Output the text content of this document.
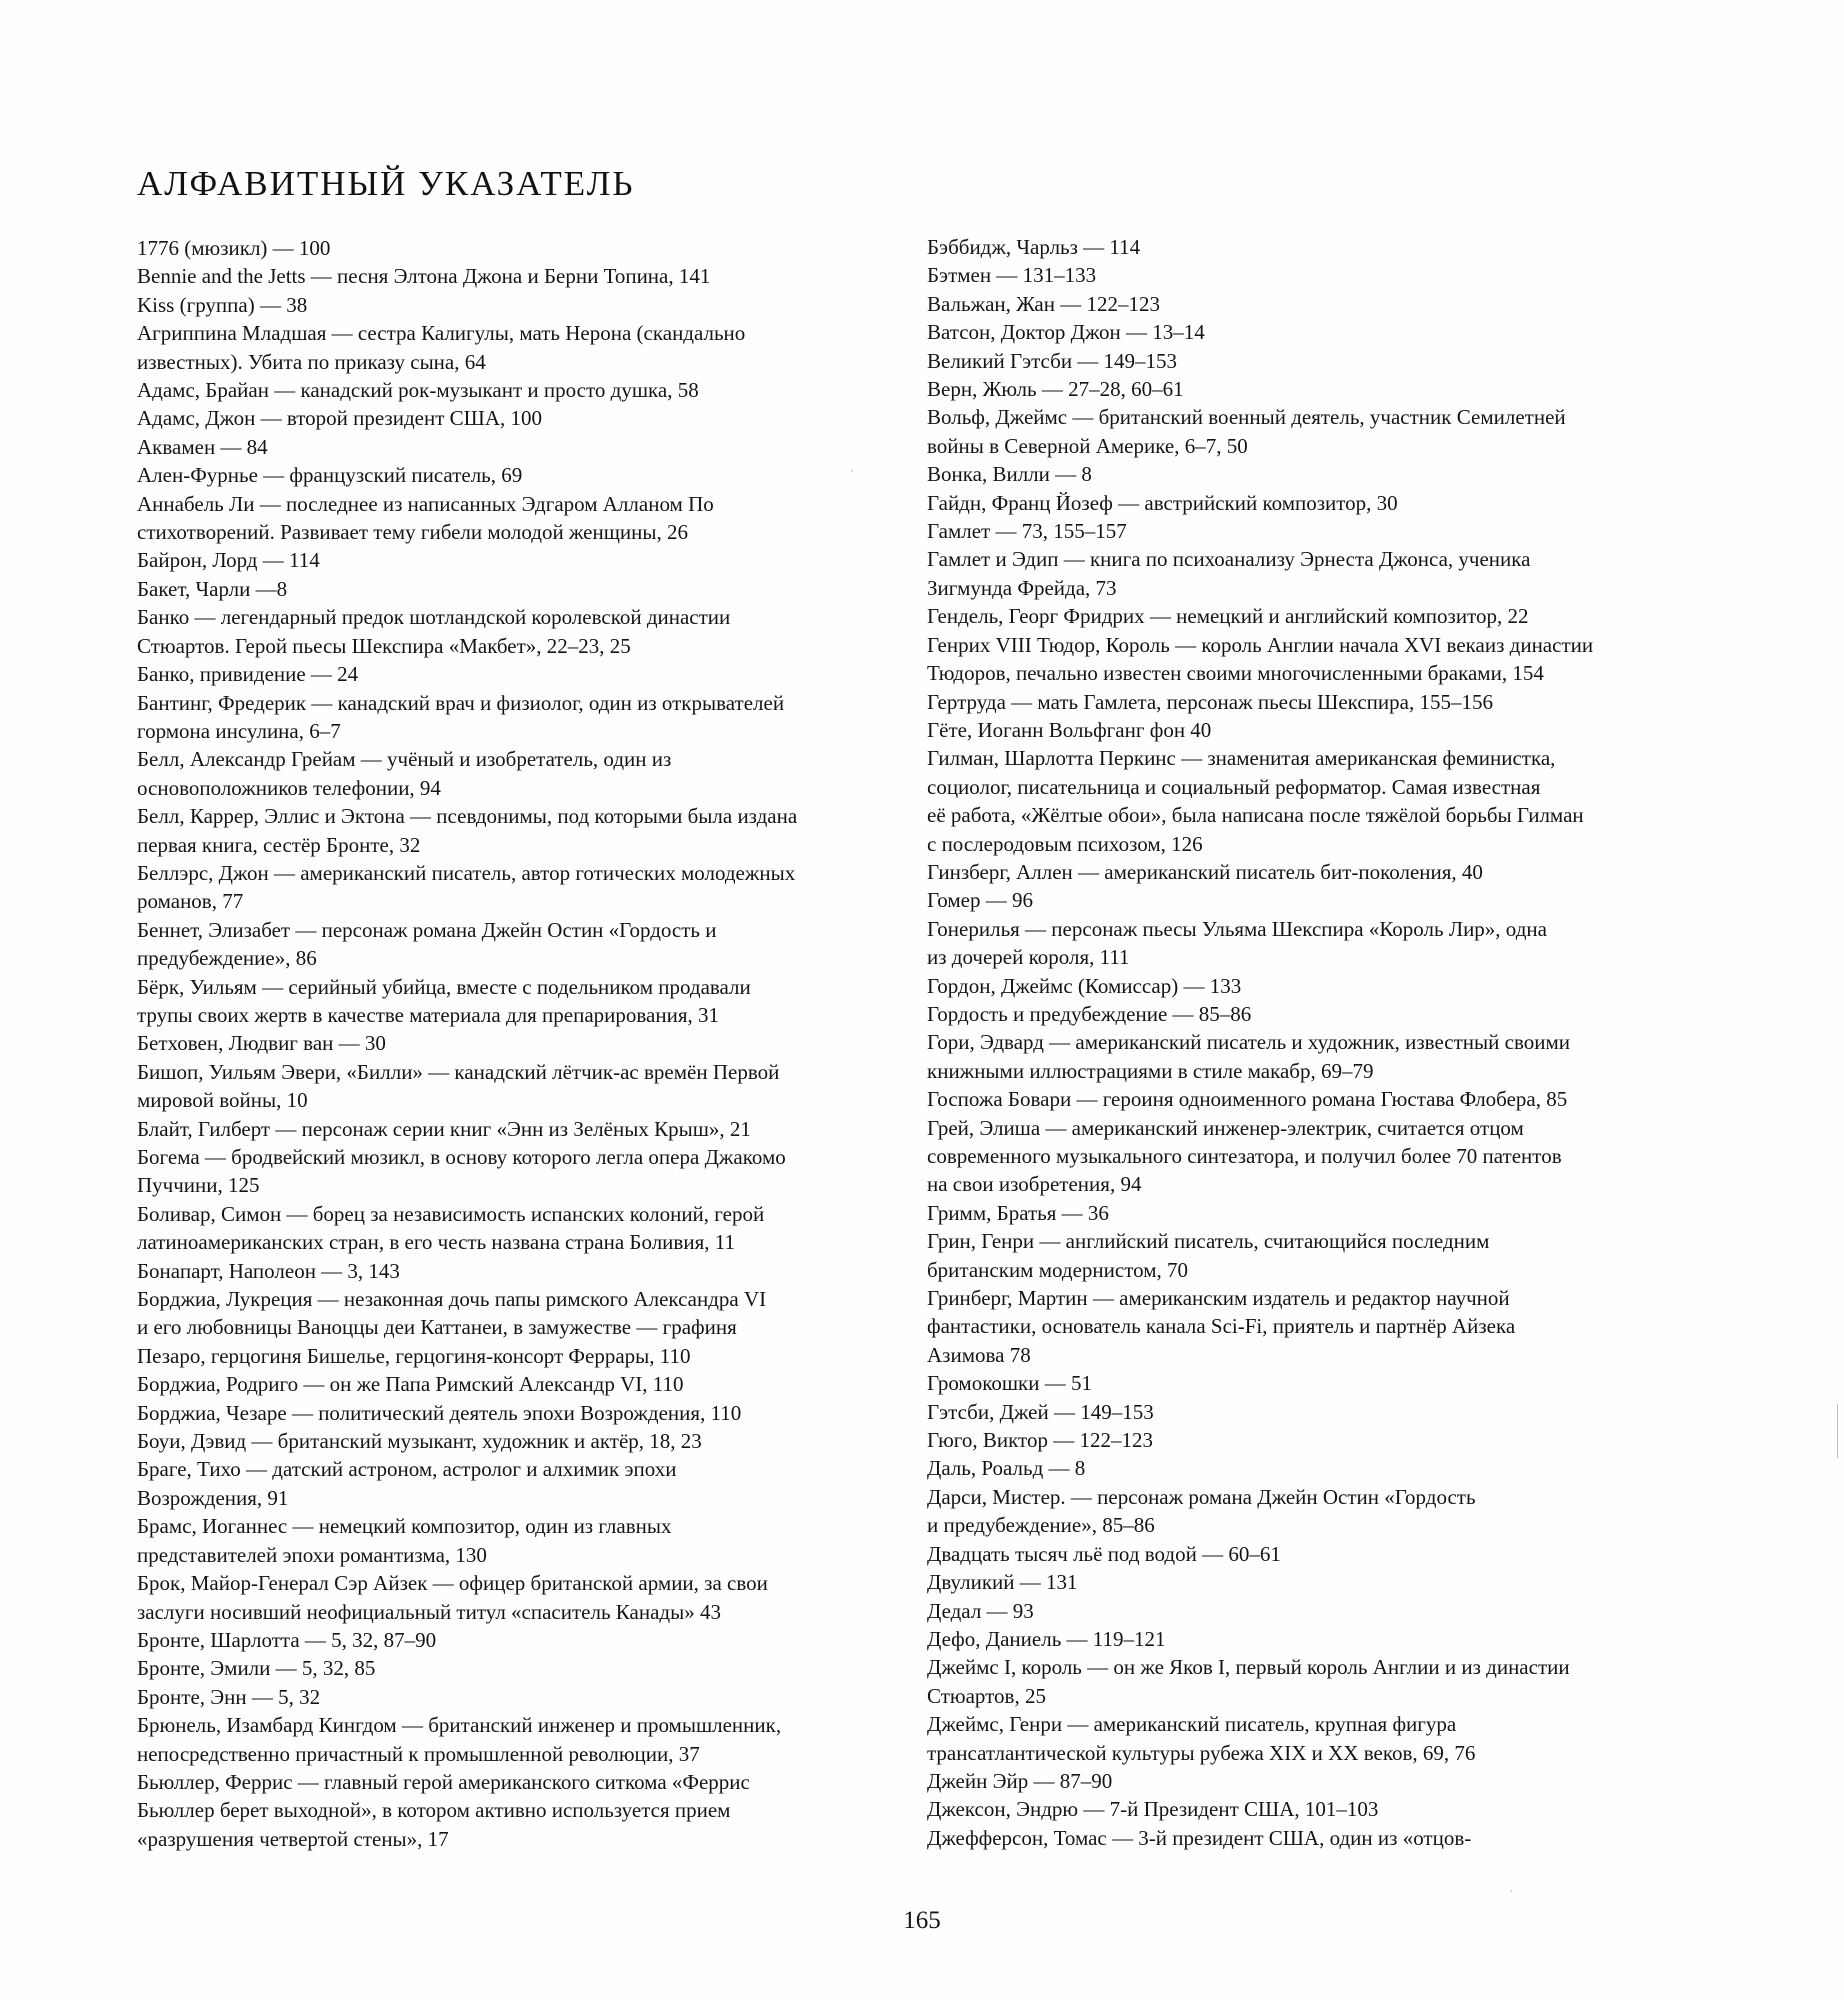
АЛФАВИТНЫЙ УКАЗАТЕЛЬ
1776 (мюзикл) — 100
Bennie and the Jetts — песня Элтона Джона и Берни Топина, 141
Kiss (группа) — 38
Агриппина Младшая — сестра Калигулы, мать Нерона (скандально
известных). Убита по приказу сына, 64
Адамс, Брайан — канадский рок-музыкант и просто душка, 58
Адамс, Джон — второй президент США, 100
Аквамен — 84
Ален-Фурнье — французский писатель, 69
Аннабель Ли — последнее из написанных Эдгаром Алланом По
стихотворений. Развивает тему гибели молодой женщины, 26
Байрон, Лорд — 114
Бакет, Чарли —8
Банко — легендарный предок шотландской королевской династии
Стюартов. Герой пьесы Шекспира «Макбет», 22–23, 25
Банко, привидение — 24
Бантинг, Фредерик — канадский врач и физиолог, один из открывателей
гормона инсулина, 6–7
Белл, Александр Грейам — учёный и изобретатель, один из
основоположников телефонии, 94
Белл, Каррер, Эллис и Эктона — псевдонимы, под которыми была издана
первая книга, сестёр Бронте, 32
Беллэрс, Джон — американский писатель, автор готических молодежных
романов, 77
Беннет, Элизабет — персонаж романа Джейн Остин «Гордость и
предубеждение», 86
Бёрк, Уильям — серийный убийца, вместе с подельником продавали
трупы своих жертв в качестве материала для препарирования, 31
Бетховен, Людвиг ван — 30
Бишоп, Уильям Эвери, «Билли» — канадский лётчик-ас времён Первой
мировой войны, 10
Блайт, Гилберт — персонаж серии книг «Энн из Зелёных Крыш», 21
Богема — бродвейский мюзикл, в основу которого легла опера Джакомо
Пуччини, 125
Боливар, Симон — борец за независимость испанских колоний, герой
латиноамериканских стран, в его честь названа страна Боливия, 11
Бонапарт, Наполеон — 3, 143
Борджиа, Лукреция — незаконная дочь папы римского Александра VI
и его любовницы Ваноццы деи Каттанеи, в замужестве — графиня
Пезаро, герцогиня Бишелье, герцогиня-консорт Феррары, 110
Борджиа, Родриго — он же Папа Римский Александр VI, 110
Борджиа, Чезаре — политический деятель эпохи Возрождения, 110
Боуи, Дэвид — британский музыкант, художник и актёр, 18, 23
Браге, Тихо — датский астроном, астролог и алхимик эпохи
Возрождения, 91
Брамс, Иоганнес — немецкий композитор, один из главных
представителей эпохи романтизма, 130
Брок, Майор-Генерал Сэр Айзек — офицер британской армии, за свои
заслуги носивший неофициальный титул «спаситель Канады» 43
Бронте, Шарлотта — 5, 32, 87–90
Бронте, Эмили — 5, 32, 85
Бронте, Энн — 5, 32
Брюнель, Изамбард Кингдом — британский инженер и промышленник,
непосредственно причастный к промышленной революции, 37
Бьюллер, Феррис — главный герой американского ситкома «Феррис
Бьюллер берет выходной», в котором активно используется прием
«разрушения четвертой стены», 17
Бэббидж, Чарльз — 114
Бэтмен — 131–133
Вальжан, Жан — 122–123
Ватсон, Доктор Джон — 13–14
Великий Гэтсби — 149–153
Верн, Жюль — 27–28, 60–61
Вольф, Джеймс — британский военный деятель, участник Семилетней
войны в Северной Америке, 6–7, 50
Вонка, Вилли — 8
Гайдн, Франц Йозеф — австрийский композитор, 30
Гамлет — 73, 155–157
Гамлет и Эдип — книга по психоанализу Эрнеста Джонса, ученика
Зигмунда Фрейда, 73
Гендель, Георг Фридрих — немецкий и английский композитор, 22
Генрих VIII Тюдор, Король — король Англии начала XVI векаиз династии
Тюдоров, печально известен своими многочисленными браками, 154
Гертруда — мать Гамлета, персонаж пьесы Шекспира, 155–156
Гёте, Иоганн Вольфганг фон 40
Гилман, Шарлотта Перкинс — знаменитая американская феминистка,
социолог, писательница и социальный реформатор. Самая известная
её работа, «Жёлтые обои», была написана после тяжёлой борьбы Гилман
с послеродовым психозом, 126
Гинзберг, Аллен — американский писатель бит-поколения, 40
Гомер — 96
Гонерилья — персонаж пьесы Ульяма Шекспира «Король Лир», одна
из дочерей короля, 111
Гордон, Джеймс (Комиссар) — 133
Гордость и предубеждение — 85–86
Гори, Эдвард — американский писатель и художник, известный своими
книжными иллюстрациями в стиле макабр, 69–79
Госпожа Бовари — героиня одноименного романа Гюстава Флобера, 85
Грей, Элиша — американский инженер-электрик, считается отцом
современного музыкального синтезатора, и получил более 70 патентов
на свои изобретения, 94
Гримм, Братья — 36
Грин, Генри — английский писатель, считающийся последним
британским модернистом, 70
Гринберг, Мартин — американским издатель и редактор научной
фантастики, основатель канала Sci-Fi, приятель и партнёр Айзека
Азимова 78
Громокошки — 51
Гэтсби, Джей — 149–153
Гюго, Виктор — 122–123
Даль, Роальд — 8
Дарси, Мистер. — персонаж романа Джейн Остин «Гордость
и предубеждение», 85–86
Двадцать тысяч льё под водой — 60–61
Двуликий — 131
Дедал — 93
Дефо, Даниель — 119–121
Джеймс I, король — он же Яков I, первый король Англии и из династии
Стюартов, 25
Джеймс, Генри — американский писатель, крупная фигура
трансатлантической культуры рубежа XIX и XX веков, 69, 76
Джейн Эйр — 87–90
Джексон, Эндрю — 7-й Президент США, 101–103
Джефферсон, Томас — 3-й президент США, один из «отцов-
165
